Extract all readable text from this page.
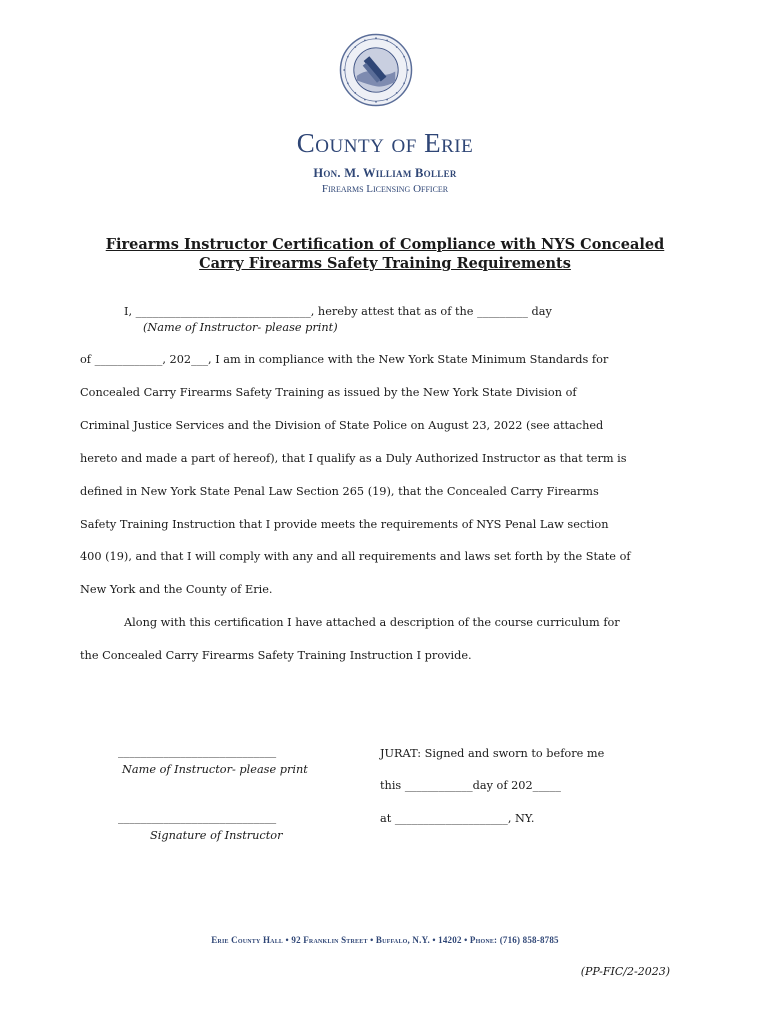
County of Erie
Hon. M. William Boller
Firearms Licensing Officer
Firearms Instructor Certification of Compliance with NYS Concealed
Carry Firearms Safety Training Requirements
I, _______________________________, hereby attest that as of the _________ day
(Name of Instructor- please print)
of ____________, 202___, I am in compliance with the New York State Minimum Standards for
Concealed Carry Firearms Safety Training as issued by the New York State Division of
Criminal Justice Services and the Division of State Police on August 23, 2022 (see attached
hereto and made a part of hereof), that I qualify as a Duly Authorized Instructor as that term is
defined in New York State Penal Law Section 265 (19), that the Concealed Carry Firearms
Safety Training Instruction that I provide meets the requirements of NYS Penal Law section
400 (19), and that I will comply with any and all requirements and laws set forth by the State of
New York and the County of Erie.
Along with this certification I have attached a description of the course curriculum for
the Concealed Carry Firearms Safety Training Instruction I provide.
____________________________
Name of Instructor- please print
____________________________
Signature of Instructor
JURAT: Signed and sworn to before me
this ____________day of 202_____
at ____________________, NY.
Erie County Hall • 92 Franklin Street • Buffalo, N.Y. • 14202 • Phone: (716) 858-8785
(PP-FIC/2-2023)
